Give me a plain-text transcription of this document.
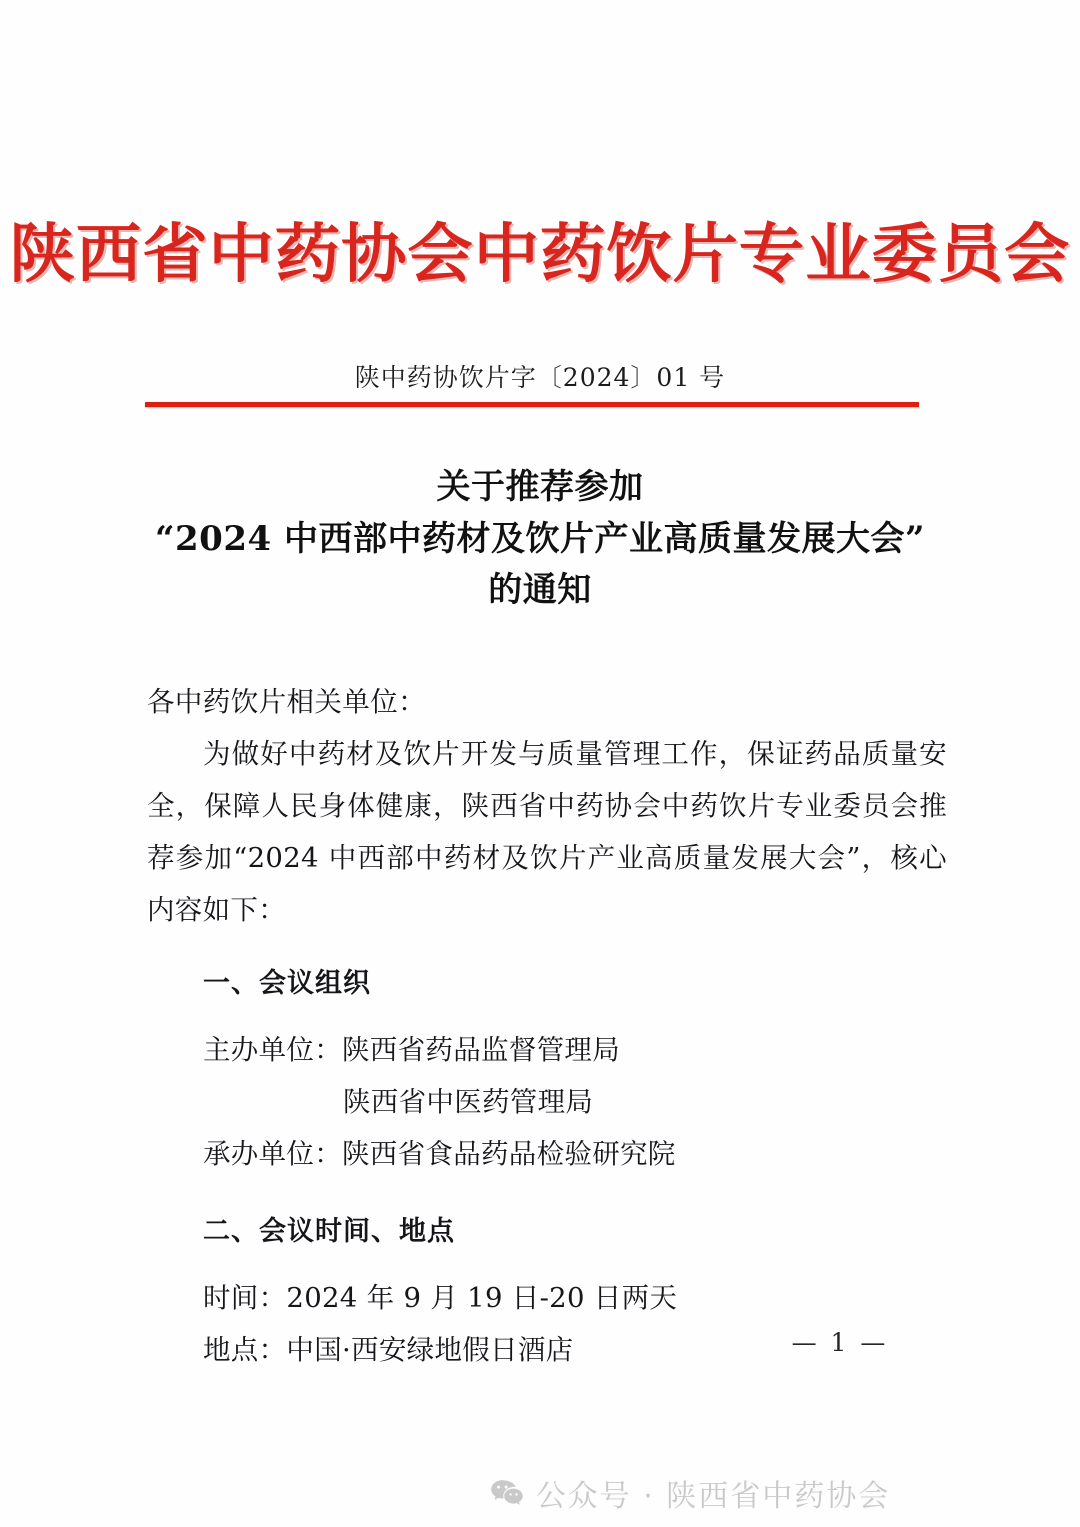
陕西省中药协会中药饮片专业委员会
陕中药协饮片字〔2024〕01 号
关于推荐参加
“2024 中西部中药材及饮片产业高质量发展大会”
的通知
各中药饮片相关单位：
为做好中药材及饮片开发与质量管理工作，保证药品质量安全，保障人民身体健康，陕西省中药协会中药饮片专业委员会推荐参加“2024 中西部中药材及饮片产业高质量发展大会”，核心内容如下：
一、会议组织
主办单位：陕西省药品监督管理局
陕西省中医药管理局
承办单位：陕西省食品药品检验研究院
二、会议时间、地点
时间：2024 年 9 月 19 日-20 日两天
地点：中国·西安绿地假日酒店	— 1 —
公众号 · 陕西省中药协会
